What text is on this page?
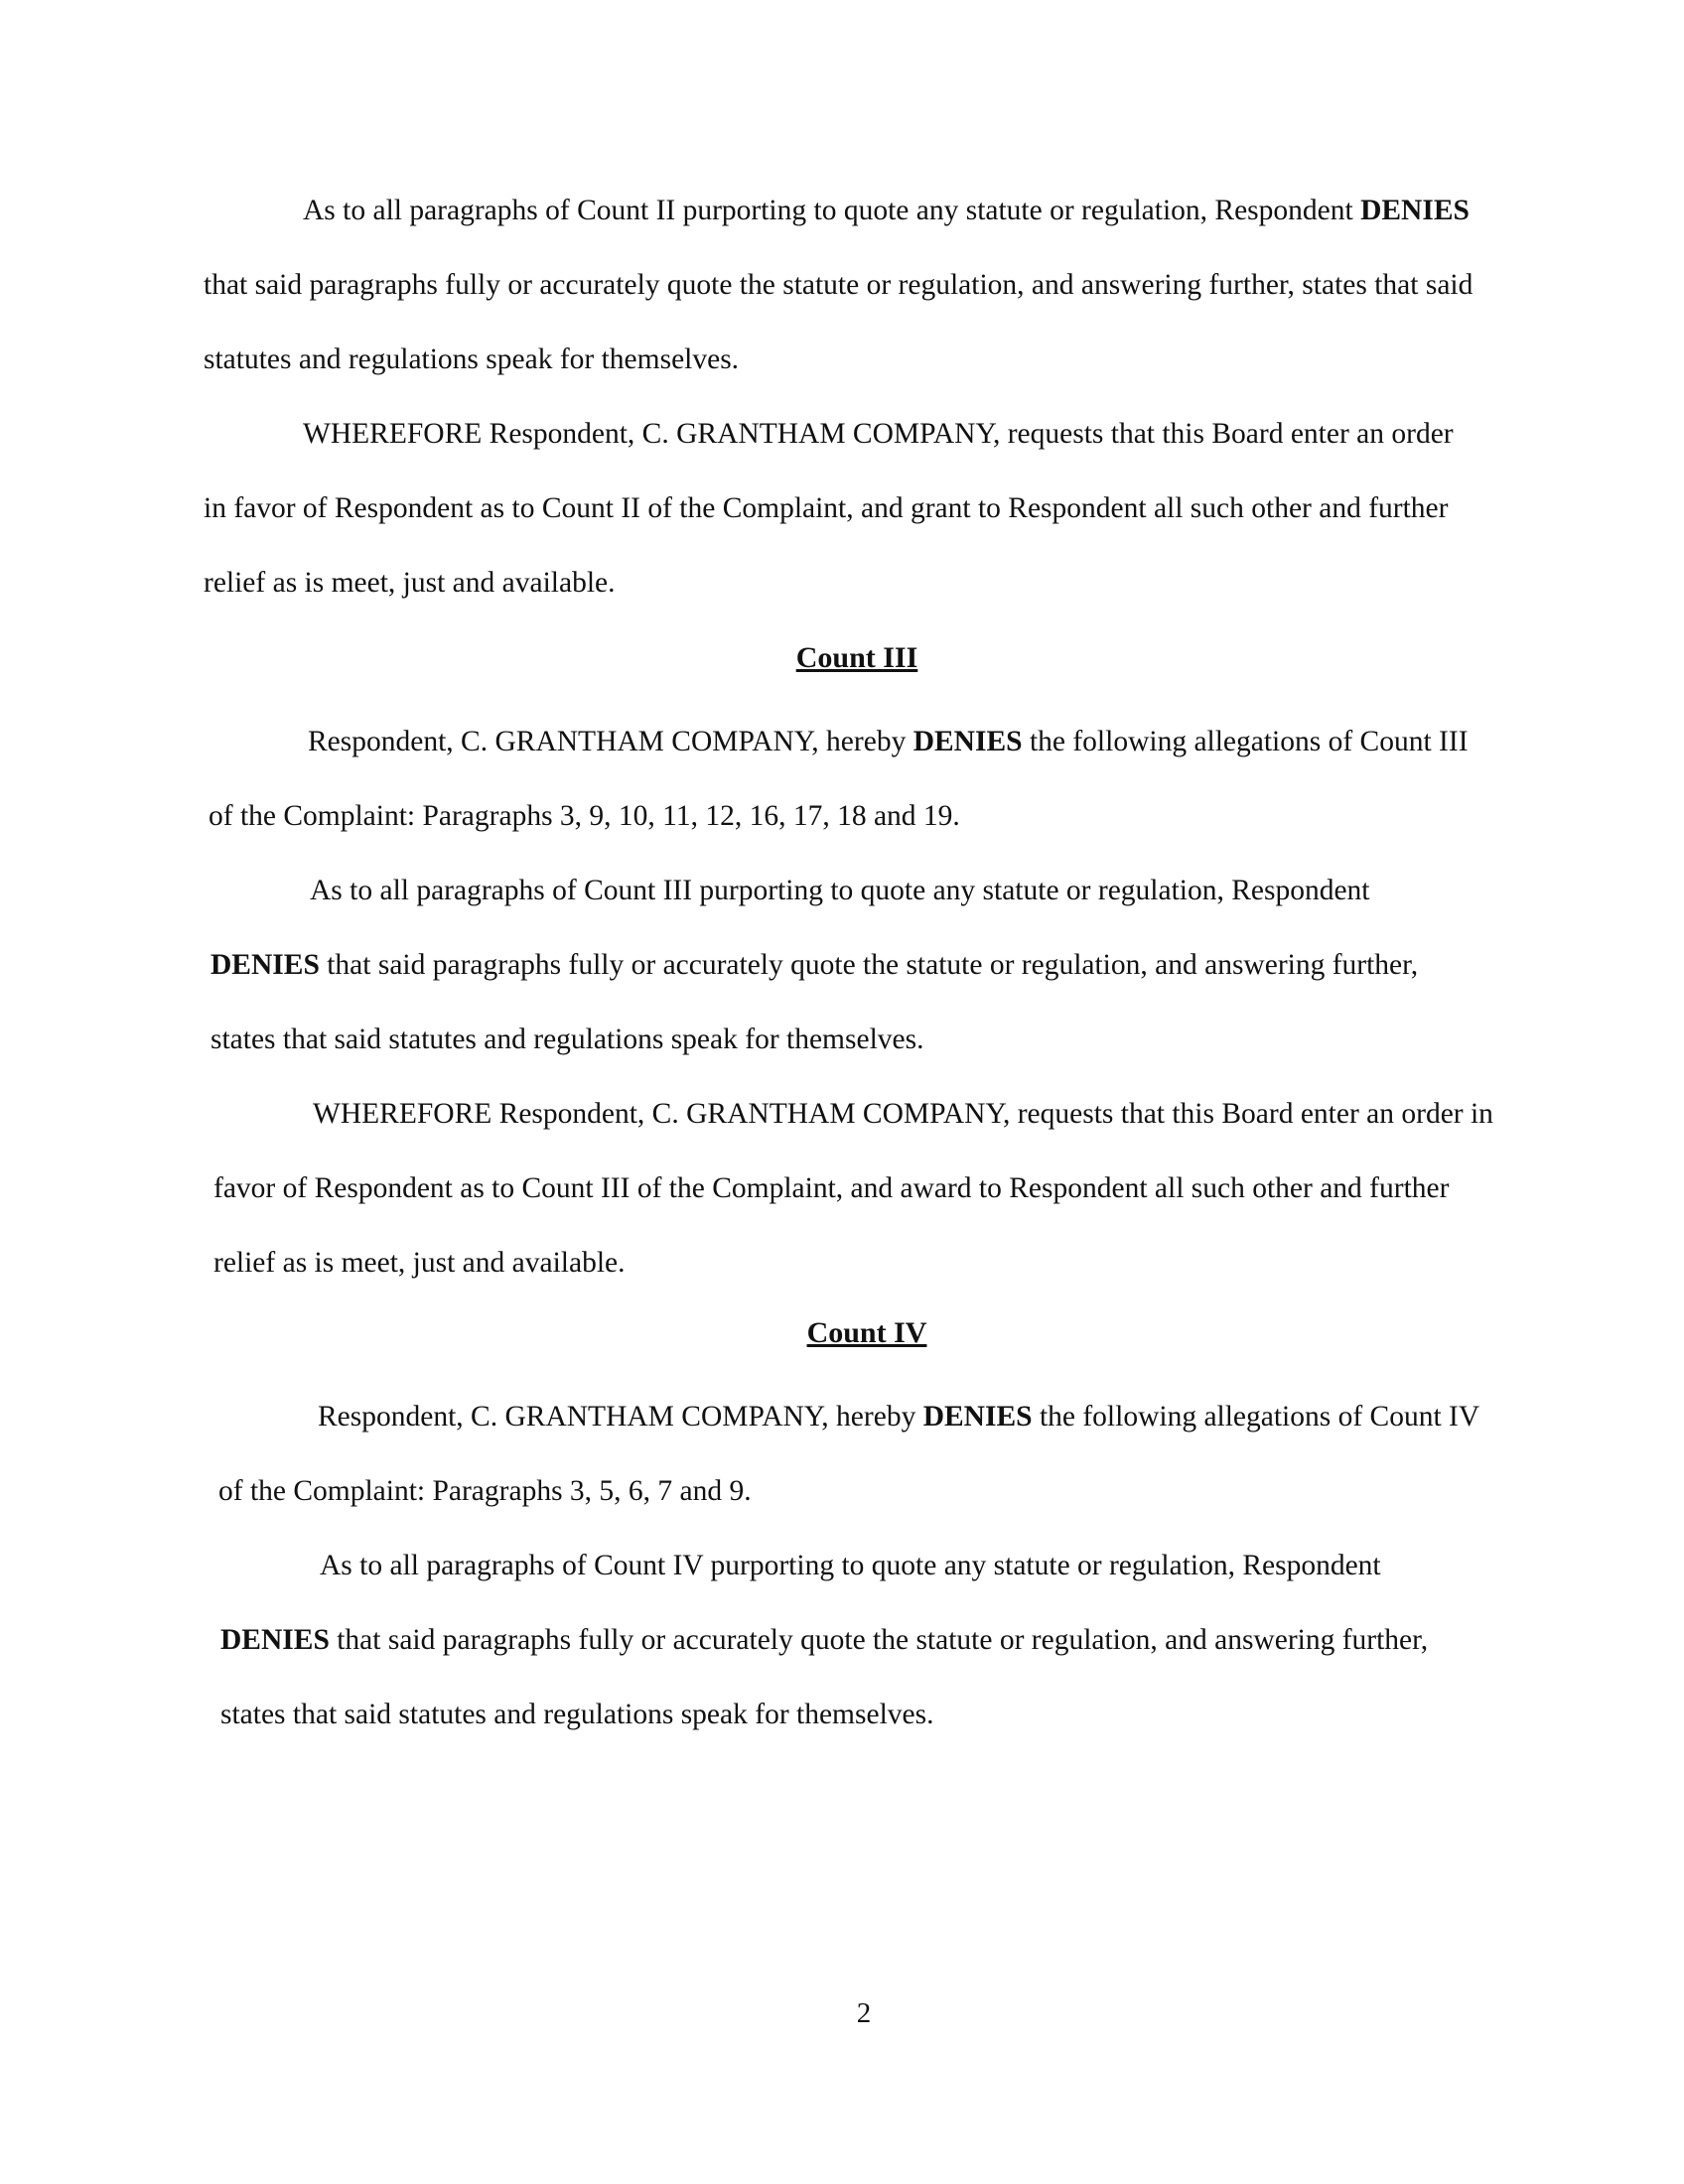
As to all paragraphs of Count II purporting to quote any statute or regulation, Respondent DENIES that said paragraphs fully or accurately quote the statute or regulation, and answering further, states that said statutes and regulations speak for themselves.

WHEREFORE Respondent, C. GRANTHAM COMPANY, requests that this Board enter an order in favor of Respondent as to Count II of the Complaint, and grant to Respondent all such other and further relief as is meet, just and available.

Count III

Respondent, C. GRANTHAM COMPANY, hereby DENIES the following allegations of Count III of the Complaint: Paragraphs 3, 9, 10, 11, 12, 16, 17, 18 and 19.

As to all paragraphs of Count III purporting to quote any statute or regulation, Respondent DENIES that said paragraphs fully or accurately quote the statute or regulation, and answering further, states that said statutes and regulations speak for themselves.

WHEREFORE Respondent, C. GRANTHAM COMPANY, requests that this Board enter an order in favor of Respondent as to Count III of the Complaint, and award to Respondent all such other and further relief as is meet, just and available.

Count IV

Respondent, C. GRANTHAM COMPANY, hereby DENIES the following allegations of Count IV of the Complaint: Paragraphs 3, 5, 6, 7 and 9.

As to all paragraphs of Count IV purporting to quote any statute or regulation, Respondent DENIES that said paragraphs fully or accurately quote the statute or regulation, and answering further, states that said statutes and regulations speak for themselves.

2
